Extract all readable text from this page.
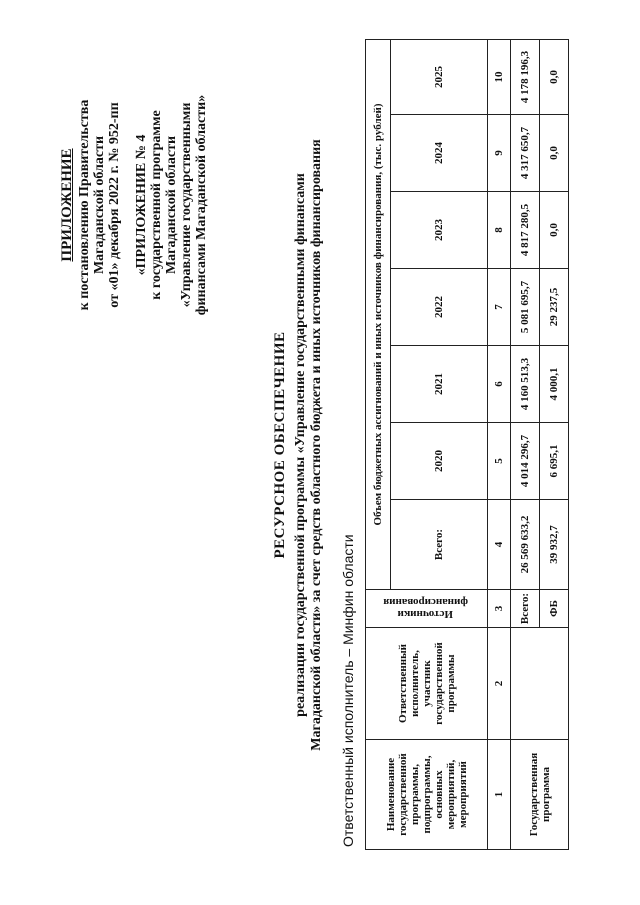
ПРИЛОЖЕНИЕ к постановлению Правительства Магаданской области от «01» декабря 2022 г. № 952-пп «ПРИЛОЖЕНИЕ № 4 к государственной программе Магаданской области «Управление государственными финансами Магаданской области»
РЕСУРСНОЕ ОБЕСПЕЧЕНИЕ реализации государственной программы «Управление государственными финансами Магаданской области» за счет средств областного бюджета и иных источников финансирования Ответственный исполнитель – Минфин области	Наименование государственной программы, подпрограммы, основных мероприятий, мероприятий	Ответственный исполнитель, участник государственной программы	Источники финансирования	Объем бюджетных ассигнований и иных источников финансирования, (тыс. рублей)						
			Всего:	2020	2021	2022	2023	2024	2025
1	2	3	4	5	6	7	8	9	10
Государственная программа		Всего:	26 569 633,2	4 014 296,7	4 160 513,3	5 081 695,7	4 817 280,5	4 317 650,7	4 178 196,3
		ФБ	39 932,7	6 695,1	4 000,1	29 237,5	0,0	0,0	0,0
